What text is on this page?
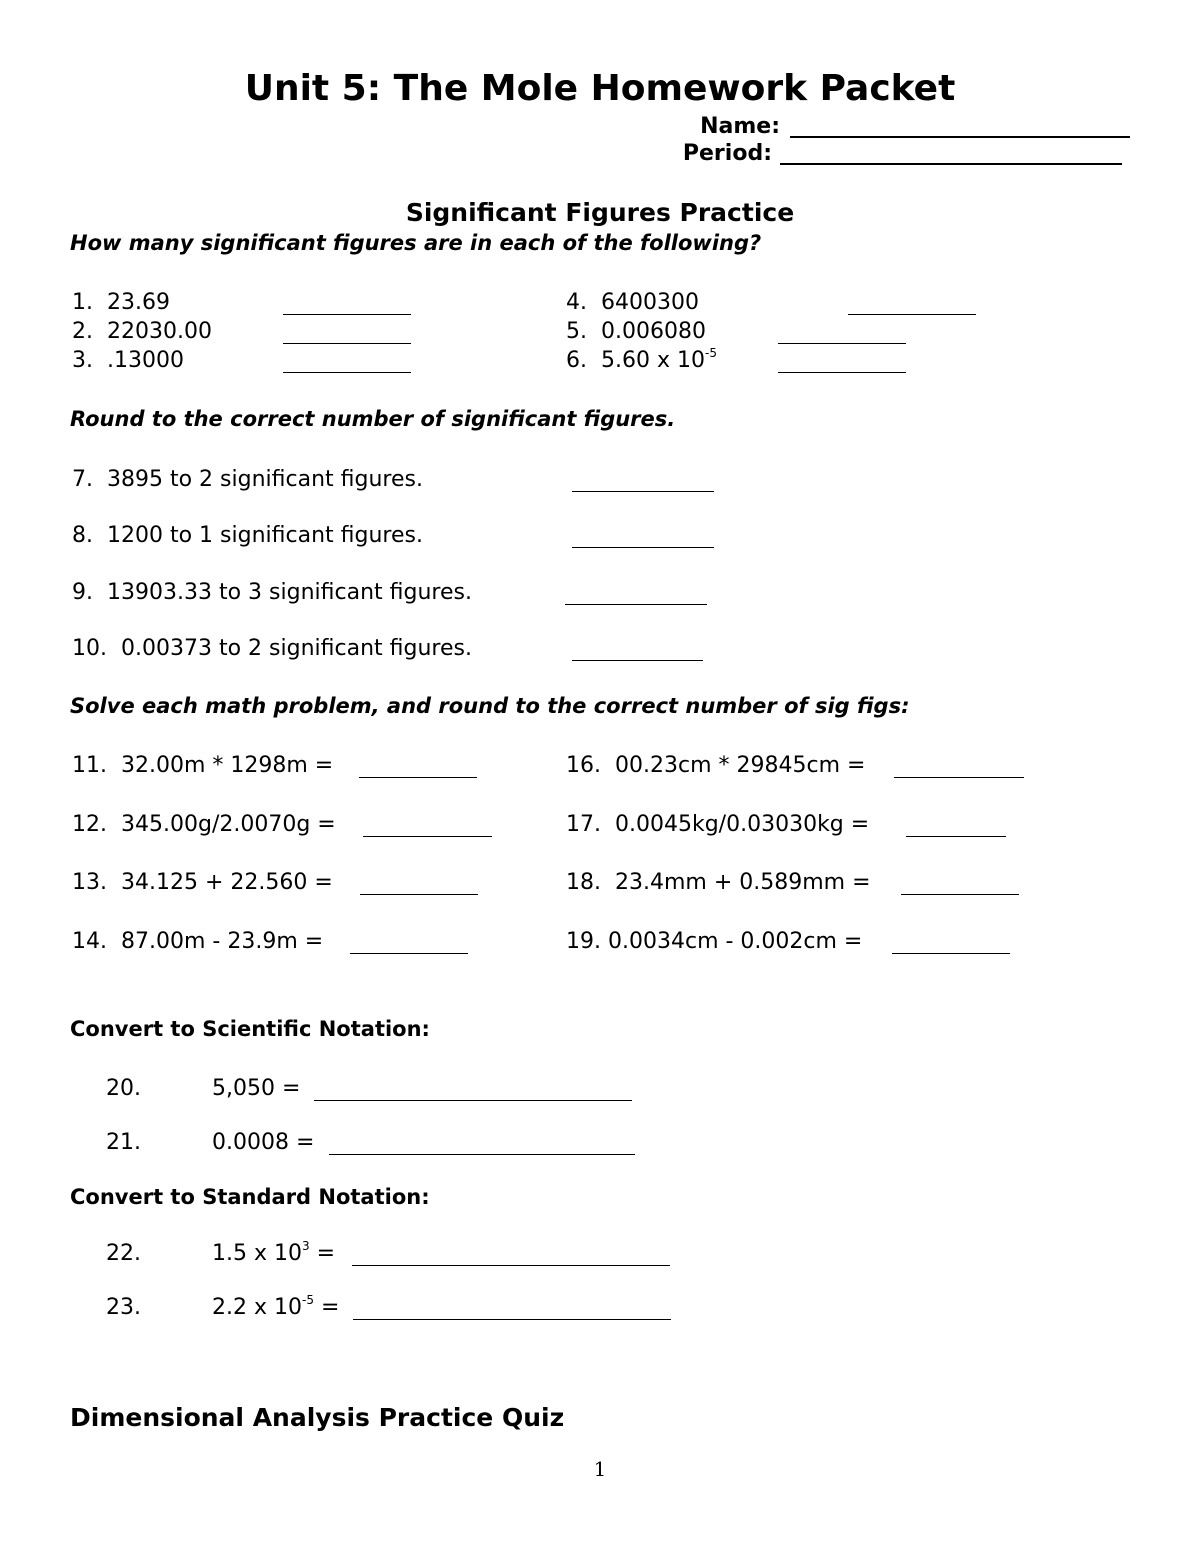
Unit 5: The Mole Homework Packet
Name:
Period:
Significant Figures Practice
How many significant figures are in each of the following?
1. 23.69
2. 22030.00
3. .13000
4. 6400300
5. 0.006080
6. 5.60 x $10^{-5}$
Round to the correct number of significant figures.
7. 3895 to 2 significant figures.
8. 1200 to 1 significant figures.
9. 13903.33 to 3 significant figures.
10. 0.00373 to 2 significant figures.
Solve each math problem, and round to the correct number of sig figs:
11. 32.00m * 1298m =
12. 345.00g/2.0070g =
13. 34.125 + 22.560 =
14. 87.00m - 23.9m =
16. 00.23cm * 29845cm =
17. 0.0045kg/0.03030kg =
18. 23.4mm + 0.589mm =
19. 0.0034cm - 0.002cm =
Convert to Scientific Notation:
20.	5,050 =
21.	0.0008 =
Convert to Standard Notation:
22.	1.5 x $10^3$ =
23.	2.2 x $10^{-5}$ =
Dimensional Analysis Practice Quiz
1
